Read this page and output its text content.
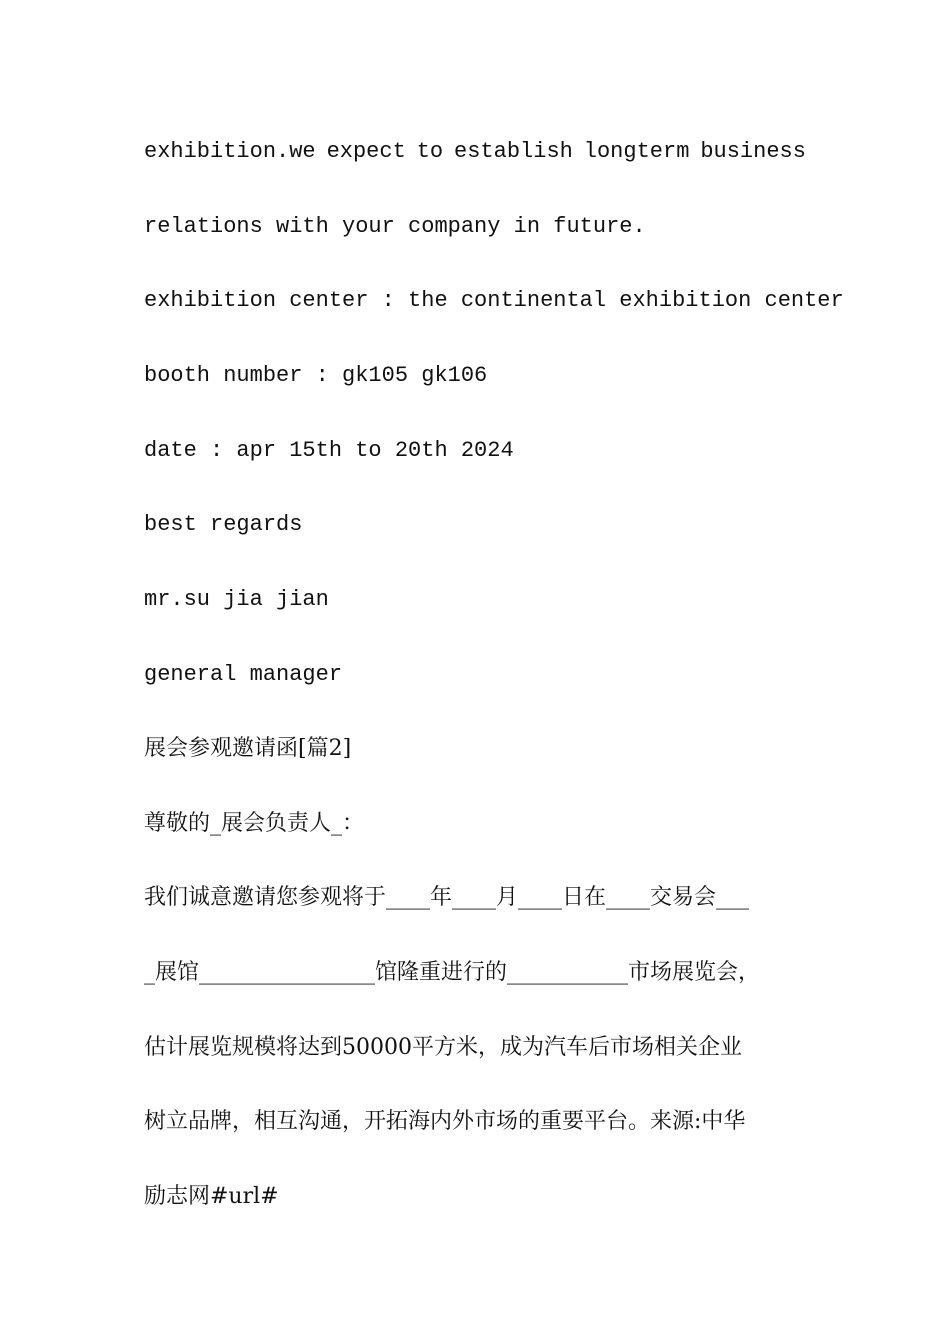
exhibition.we expect to establish longterm business
relations with your company in future.
exhibition center : the continental exhibition center
booth number : gk105 gk106
date : apr 15th to 20th 2024
best regards
mr.su jia jian
general manager
展会参观邀请函[篇2]
尊敬的_展会负责人_：
我们诚意邀请您参观将于____年____月____日在____交易会___
_展馆________________馆隆重进行的___________市场展览会，
估计展览规模将达到50000平方米，成为汽车后市场相关企业
树立品牌，相互沟通，开拓海内外市场的重要平台。来源:中华
励志网#url#
